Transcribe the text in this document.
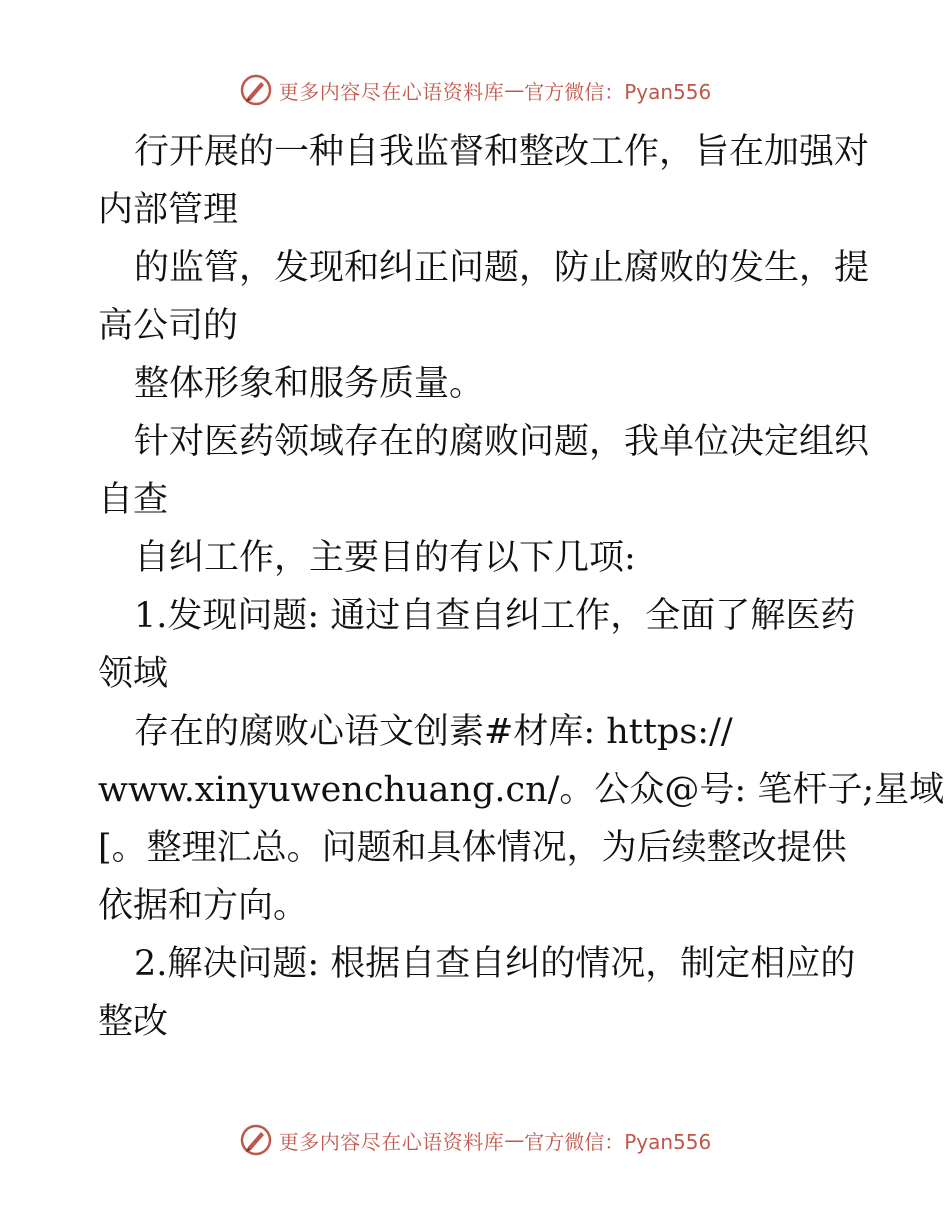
更多内容尽在心语资料库 — 官方微信：Pyan556
行开展的一种自我监督和整改工作，旨在加强对
内部管理
的监管，发现和纠正问题，防止腐败的发生，提
高公司的
整体形象和服务质量。
针对医药领域存在的腐败问题，我单位决定组织
自查
自纠工作，主要目的有以下几项:
1.发现问题: 通过自查自纠工作，全面了解医药
领域
存在的腐败心语文创素#材库: https://
www.xinyuwenchuang.cn/。公众@号: 笔杆子;星域
[。整理汇总。问题和具体情况，为后续整改提供
依据和方向。
2.解决问题: 根据自查自纠的情况，制定相应的
整改
更多内容尽在心语资料库 — 官方微信：Pyan556
